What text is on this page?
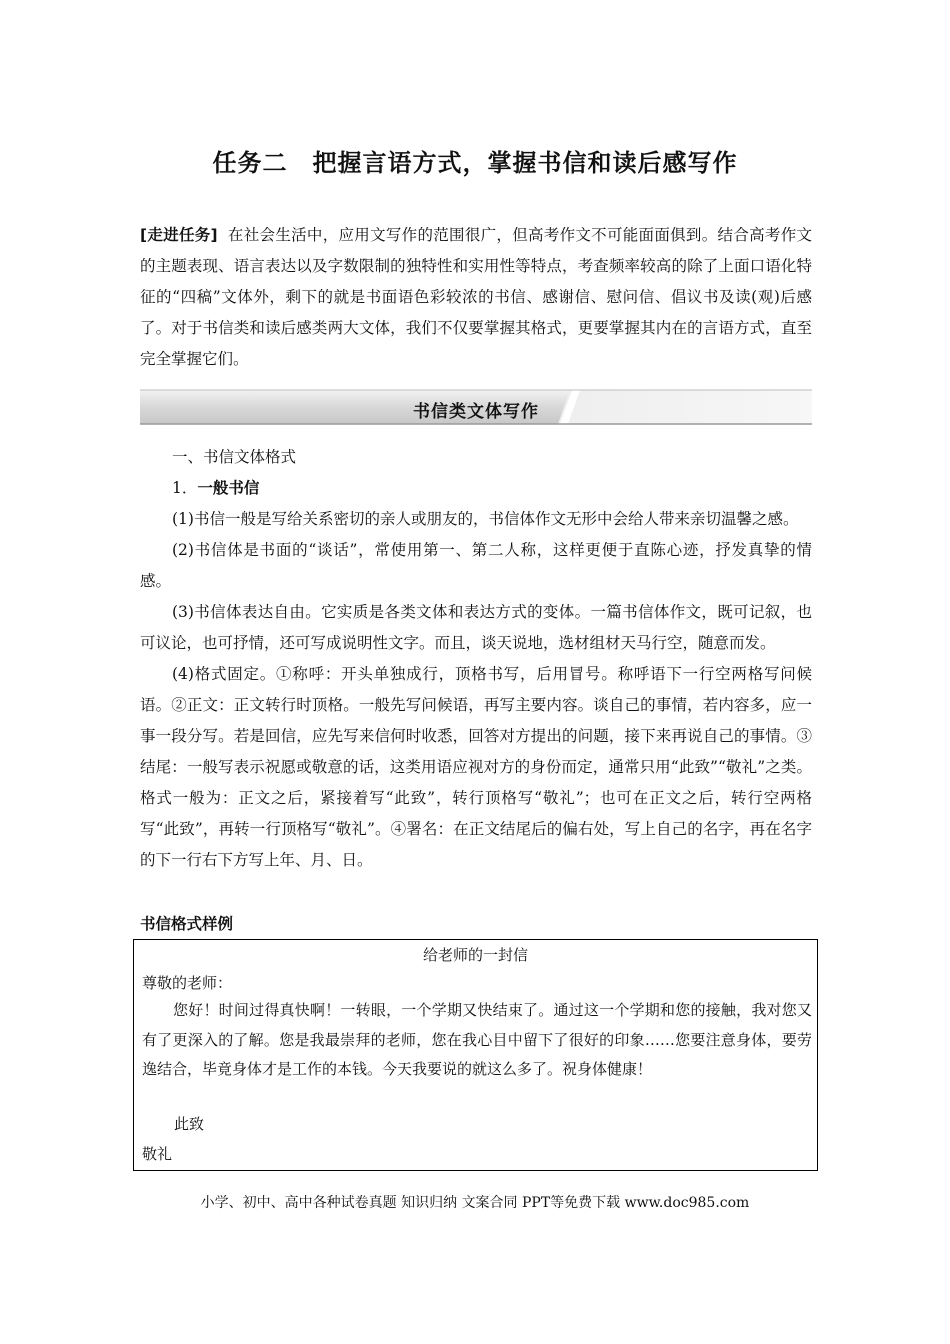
任务二　把握言语方式，掌握书信和读后感写作
[走进任务] 在社会生活中，应用文写作的范围很广，但高考作文不可能面面俱到。结合高考作文的主题表现、语言表达以及字数限制的独特性和实用性等特点，考查频率较高的除了上面口语化特征的“四稿”文体外，剩下的就是书面语色彩较浓的书信、感谢信、慰问信、倡议书及读(观)后感了。对于书信类和读后感类两大文体，我们不仅要掌握其格式，更要掌握其内在的言语方式，直至完全掌握它们。
书信类文体写作

一、书信文体格式

1．一般书信

(1)书信一般是写给关系密切的亲人或朋友的，书信体作文无形中会给人带来亲切温馨之感。

(2)书信体是书面的“谈话”，常使用第一、第二人称，这样更便于直陈心迹，抒发真挚的情感。

(3)书信体表达自由。它实质是各类文体和表达方式的变体。一篇书信体作文，既可记叙，也可议论，也可抒情，还可写成说明性文字。而且，谈天说地，选材组材天马行空，随意而发。

(4)格式固定。①称呼：开头单独成行，顶格书写，后用冒号。称呼语下一行空两格写问候语。②正文：正文转行时顶格。一般先写问候语，再写主要内容。谈自己的事情，若内容多，应一事一段分写。若是回信，应先写来信何时收悉，回答对方提出的问题，接下来再说自己的事情。③结尾：一般写表示祝愿或敬意的话，这类用语应视对方的身份而定，通常只用“此致”“敬礼”之类。格式一般为：正文之后，紧接着写“此致”，转行顶格写“敬礼”；也可在正文之后，转行空两格写“此致”，再转一行顶格写“敬礼”。④署名：在正文结尾后的偏右处，写上自己的名字，再在名字的下一行右下方写上年、月、日。

书信格式样例
给老师的一封信
尊敬的老师：
您好！时间过得真快啊！一转眼，一个学期又快结束了。通过这一个学期和您的接触，我对您又有了更深入的了解。您是我最崇拜的老师，您在我心目中留下了很好的印象……您要注意身体，要劳逸结合，毕竟身体才是工作的本钱。今天我要说的就这么多了。祝身体健康！
此致
敬礼
小学、初中、高中各种试卷真题 知识归纳 文案合同 PPT等免费下载 www.doc985.com
